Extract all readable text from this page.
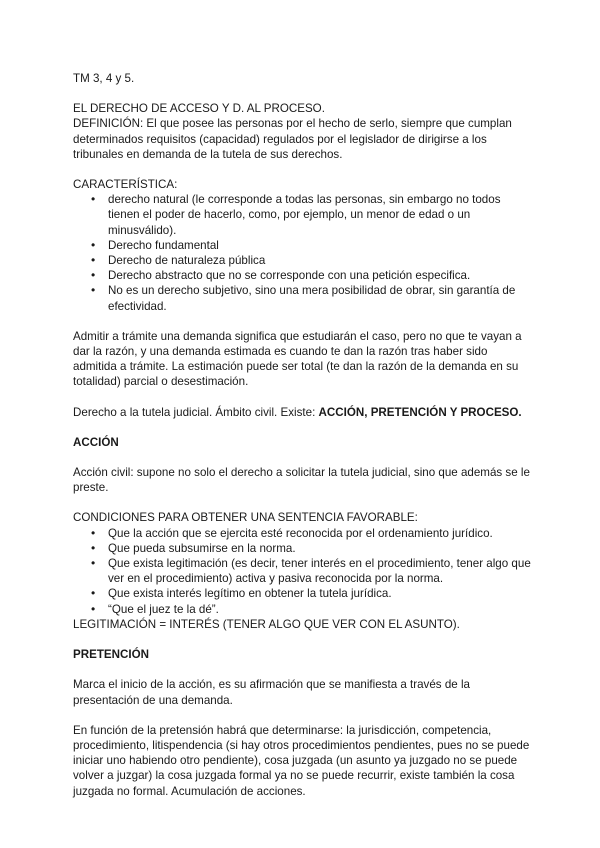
TM 3, 4 y 5.

EL DERECHO DE ACCESO Y D. AL PROCESO.

DEFINICIÓN: El que posee las personas por el hecho de serlo, siempre que cumplan determinados requisitos (capacidad) regulados por el legislador de dirigirse a los tribunales en demanda de la tutela de sus derechos.

CARACTERÍSTICA:

• derecho natural (le corresponde a todas las personas, sin embargo no todos tienen el poder de hacerlo, como, por ejemplo, un menor de edad o un minusválido).
• Derecho fundamental
• Derecho de naturaleza pública
• Derecho abstracto que no se corresponde con una petición especifica.
• No es un derecho subjetivo, sino una mera posibilidad de obrar, sin garantía de efectividad.

Admitir a trámite una demanda significa que estudiarán el caso, pero no que te vayan a dar la razón, y una demanda estimada es cuando te dan la razón tras haber sido admitida a trámite. La estimación puede ser total (te dan la razón de la demanda en su totalidad) parcial o desestimación.

Derecho a la tutela judicial. Ámbito civil. Existe: ACCIÓN, PRETENCIÓN Y PROCESO.

ACCIÓN

Acción civil: supone no solo el derecho a solicitar la tutela judicial, sino que además se le preste.

CONDICIONES PARA OBTENER UNA SENTENCIA FAVORABLE:

• Que la acción que se ejercita esté reconocida por el ordenamiento jurídico.
• Que pueda subsumirse en la norma.
• Que exista legitimación (es decir, tener interés en el procedimiento, tener algo que ver en el procedimiento) activa y pasiva reconocida por la norma.
• Que exista interés legítimo en obtener la tutela jurídica.
• “Que el juez te la dé”.

LEGITIMACIÓN = INTERÉS (TENER ALGO QUE VER CON EL ASUNTO).

PRETENCIÓN

Marca el inicio de la acción, es su afirmación que se manifiesta a través de la presentación de una demanda.

En función de la pretensión habrá que determinarse: la jurisdicción, competencia, procedimiento, litispendencia (si hay otros procedimientos pendientes, pues no se puede iniciar uno habiendo otro pendiente), cosa juzgada (un asunto ya juzgado no se puede volver a juzgar) la cosa juzgada formal ya no se puede recurrir, existe también la cosa juzgada no formal. Acumulación de acciones.
